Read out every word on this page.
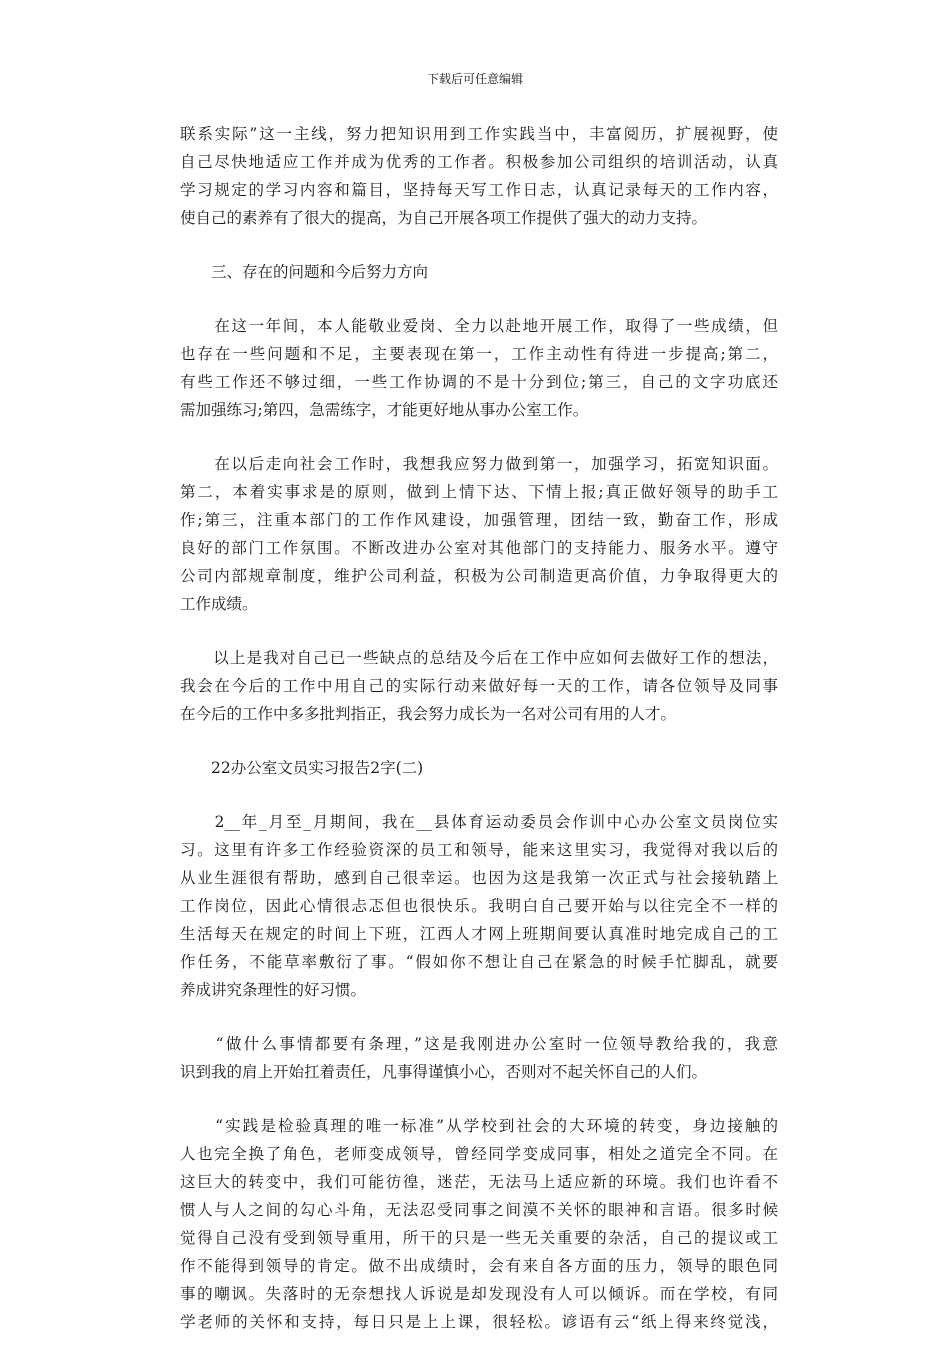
下载后可任意编辑

联系实际”这一主线，努力把知识用到工作实践当中，丰富阅历，扩展视野，使
自己尽快地适应工作并成为优秀的工作者。积极参加公司组织的培训活动，认真
学习规定的学习内容和篇目，坚持每天写工作日志，认真记录每天的工作内容，
使自己的素养有了很大的提高，为自己开展各项工作提供了强大的动力支持。

　　三、存在的问题和今后努力方向

　　在这一年间，本人能敬业爱岗、全力以赴地开展工作，取得了一些成绩，但
也存在一些问题和不足，主要表现在第一，工作主动性有待进一步提高;第二，
有些工作还不够过细，一些工作协调的不是十分到位;第三，自己的文字功底还
需加强练习;第四，急需练字，才能更好地从事办公室工作。

　　在以后走向社会工作时，我想我应努力做到第一，加强学习，拓宽知识面。
第二，本着实事求是的原则，做到上情下达、下情上报;真正做好领导的助手工
作;第三，注重本部门的工作作风建设，加强管理，团结一致，勤奋工作，形成
良好的部门工作氛围。不断改进办公室对其他部门的支持能力、服务水平。遵守
公司内部规章制度，维护公司利益，积极为公司制造更高价值，力争取得更大的
工作成绩。

　　以上是我对自己已一些缺点的总结及今后在工作中应如何去做好工作的想法，
我会在今后的工作中用自己的实际行动来做好每一天的工作，请各位领导及同事
在今后的工作中多多批判指正，我会努力成长为一名对公司有用的人才。

　　22办公室文员实习报告2字(二)

　　2__年_月至_月期间，我在__县体育运动委员会作训中心办公室文员岗位实
习。这里有许多工作经验资深的员工和领导，能来这里实习，我觉得对我以后的
从业生涯很有帮助，感到自己很幸运。也因为这是我第一次正式与社会接轨踏上
工作岗位，因此心情很忐忑但也很快乐。我明白自己要开始与以往完全不一样的
生活每天在规定的时间上下班，江西人才网上班期间要认真准时地完成自己的工
作任务，不能草率敷衍了事。“假如你不想让自己在紧急的时候手忙脚乱，就要
养成讲究条理性的好习惯。

　　“做什么事情都要有条理，”这是我刚进办公室时一位领导教给我的，我意
识到我的肩上开始扛着责任，凡事得谨慎小心，否则对不起关怀自己的人们。

　　“实践是检验真理的唯一标准”从学校到社会的大环境的转变，身边接触的
人也完全换了角色，老师变成领导，曾经同学变成同事，相处之道完全不同。在
这巨大的转变中，我们可能彷徨，迷茫，无法马上适应新的环境。我们也许看不
惯人与人之间的勾心斗角，无法忍受同事之间漠不关怀的眼神和言语。很多时候
觉得自己没有受到领导重用，所干的只是一些无关重要的杂活，自己的提议或工
作不能得到领导的肯定。做不出成绩时，会有来自各方面的压力，领导的眼色同
事的嘲讽。失落时的无奈想找人诉说是却发现没有人可以倾诉。而在学校，有同
学老师的关怀和支持，每日只是上上课，很轻松。谚语有云“纸上得来终觉浅，
